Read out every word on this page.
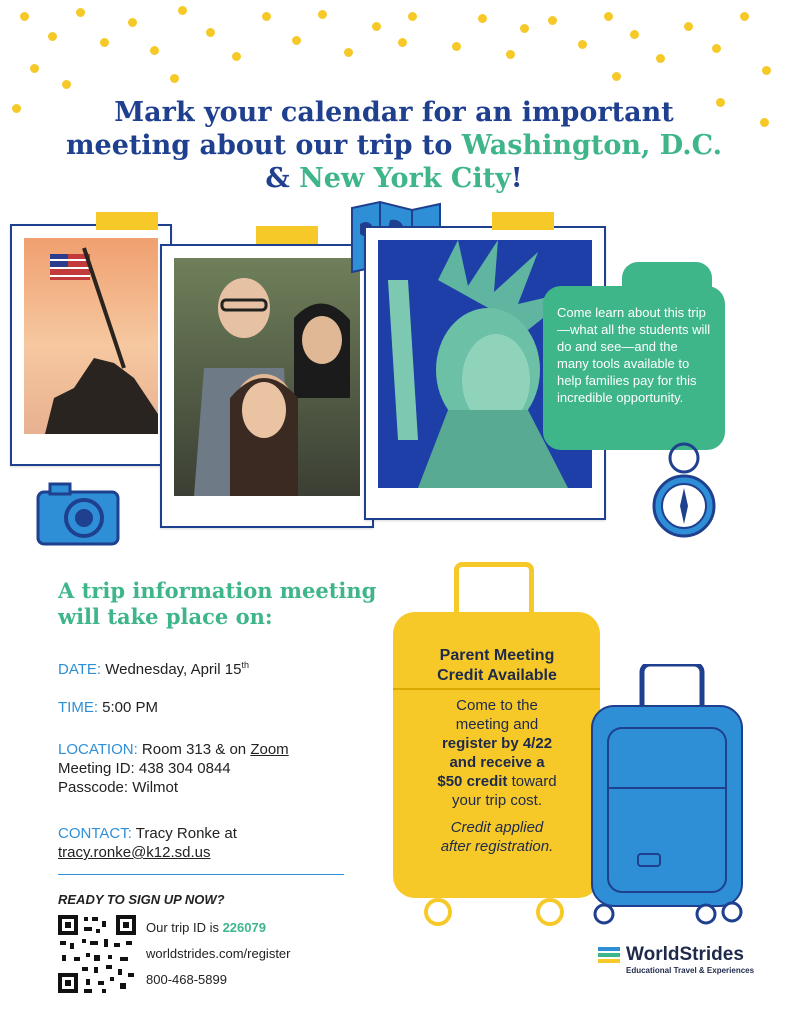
Mark your calendar for an important
meeting about our trip to Washington, D.C.
& New York City!
Come learn about this trip—what all the students will do and see—and the many tools available to help families pay for this incredible opportunity.
A trip information meeting
will take place on:
DATE: Wednesday, April 15th
TIME: 5:00 PM
LOCATION: Room 313 & on Zoom
Meeting ID: 438 304 0844
Passcode: Wilmot
CONTACT: Tracy Ronke at
tracy.ronke@k12.sd.us
READY TO SIGN UP NOW?
Our trip ID is 226079
worldstrides.com/register
800-468-5899
Parent Meeting
Credit Available
Come to the
meeting and
register by 4/22
and receive a
$50 credit toward
your trip cost.
Credit applied
after registration.
WorldStrides
Educational Travel & Experiences
